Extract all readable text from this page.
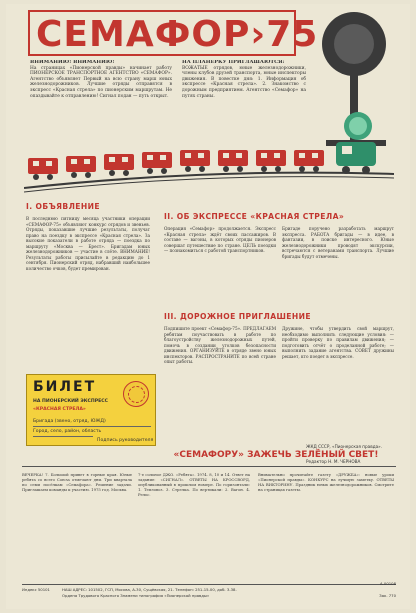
СЕМАФОР›75
ВНИМАНИЮ! ВНИМАНИЮ!
На страницах «Пионерской правды» начинает работу ПИОНЕРСКОЕ ТРАНСПОРТНОЕ АГЕНТСТВО «СЕМАФОР». Агентство объявляет Первый на всю страну марш юных железнодорожников. Лучшие отряды отправятся в экспресс «Красная стрела» по пионерским маршрутам. Не опаздывайте к отправлению! Сигнал подан — путь открыт.
НА ПЛАНЕРКУ ПРИГЛАШАЮТСЯ:
ВОЖАТЫЕ отрядов, юные железнодорожники, члены клубов друзей транспорта, юные инспекторы движения. В повестке дня: 1. Информация об экспрессе «Красная стрела». 2. Знакомство с дорожным предприятием. Агентство «Семафор» на путях страны.
I. ОБЪЯВЛЕНИЕ
II. ОБ ЭКСПРЕССЕ «КРАСНАЯ СТРЕЛА»
III. ДОРОЖНОЕ ПРИГЛАШЕНИЕ
В последнюю пятницу месяца участники операции «СЕМАФОР-75» объявляют конкурс отрядов и звеньев. Отряды, показавшие лучшие результаты, получат право на поездку в экспрессе «Красная стрела». За высокие показатели в работе отряда — поездка по маршруту «Москва — Брест». Бригадам юных железнодорожников — участие в слёте. ВНИМАНИЕ! Результаты работы присылайте в редакцию до 1 сентября. Пионерский отряд, набравший наибольшее количество очков, будет премирован.
Операция «Семафор» продолжается. Экспресс «Красная стрела» ждёт своих пассажиров. В составе — вагоны, в которых отряды пионеров совершат путешествие по стране. ЦЕЛЬ поездки — познакомиться с работой транспортников.
Бригаде поручено разработать маршрут экспресса. РАБОТА бригады — в идее, в фантазии, в поиске интересного. Юные железнодорожники проводят экскурсии, встречаются с ветеранами транспорта. Лучшие бригады будут отмечены.
Подпишите проект «Семафор-75». ПРЕДЛАГАЕМ ребятам поучаствовать в работе по благоустройству железнодорожных путей, помочь в создании уголков безопасности движения. ОРГАНИЗУЙТЕ в отряде звено юных инспекторов. РАСПРОСТРАНИТЕ по всей стране опыт работы.
Дружине, чтобы утвердить свой маршрут, необходимо выполнить следующие условия: — пройти проверку по правилам движения; — подготовить отчёт о проделанной работе; — выполнить задание агентства. СОВЕТ дружины решает, кто поедет в экспрессе.
БИЛЕТ
НА ПИОНЕРСКИЙ ЭКСПРЕСС
«КРАСНАЯ СТРЕЛА»
Бригада (звено, отряд, ЮЖД)
Город, село, район, область
Подпись руководителя
ЖКД СССР, «Пионерская правда».
«СЕМАФОРУ» ЗАЖЕЧЬ ЗЕЛЁНЫЙ СВЕТ!
Редактор Н. М. ЧЕРНОВА
ВЕЧЕРКА! 7. Большой привет в горные края. Юные ребята со всего Союза отмечают дни. Три квартала по семи посёлкам «Семафора». Решение задачи. Приглашаем команды к участию. 1975 год. Москва.
7-е сольное ДЖО. «Ребята». 1974. 8, 10 и 14. Ответ на задание: «СИГНАЛ». ОТВЕТЫ НА КРОССВОРД, опубликованный в прошлом номере. По горизонтали: 1. Тепловоз. 3. Стрелка. По вертикали: 2. Вагон. 4. Рельс.
Внимательно прочитайте газету «ДРУЖБА»: новые уроки «Пионерской правды». КОНКУРС на лучшую заметку. ОТВЕТЫ НА ВИКТОРИНУ. Праздник юных железнодорожников. Смотрите на страницах газеты.
Индекс 50101	НАШ АДРЕС: 101502, ГСП, Москва, А-30, Сущёвская, 21. Телефон: 251-15-00, доб. 3-38.
Ордена Трудового Красного Знамени типография «Пионерской правды»	Зак. 770
А-00108
